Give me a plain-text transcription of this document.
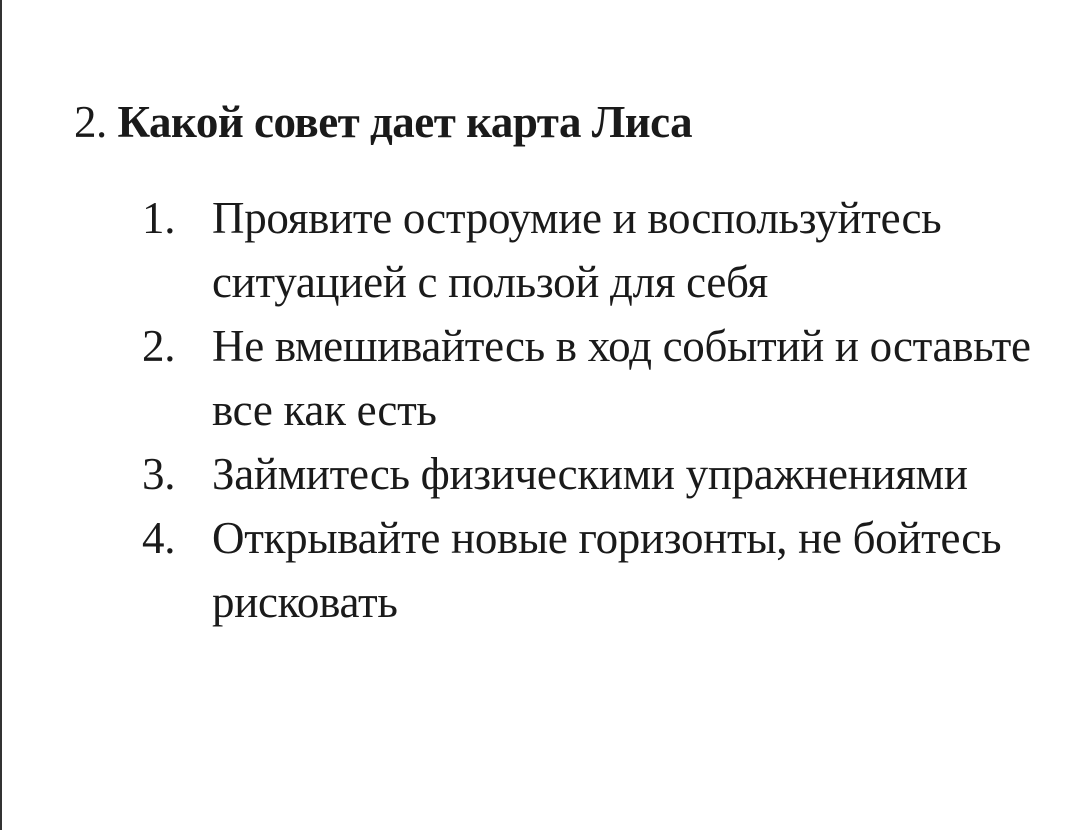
2. Какой совет дает карта Лиса
1. Проявите остроумие и воспользуйтесь ситуацией с пользой для себя
2. Не вмешивайтесь в ход событий и оставьте все как есть
3. Займитесь физическими упражнениями
4. Открывайте новые горизонты, не бойтесь рисковать
